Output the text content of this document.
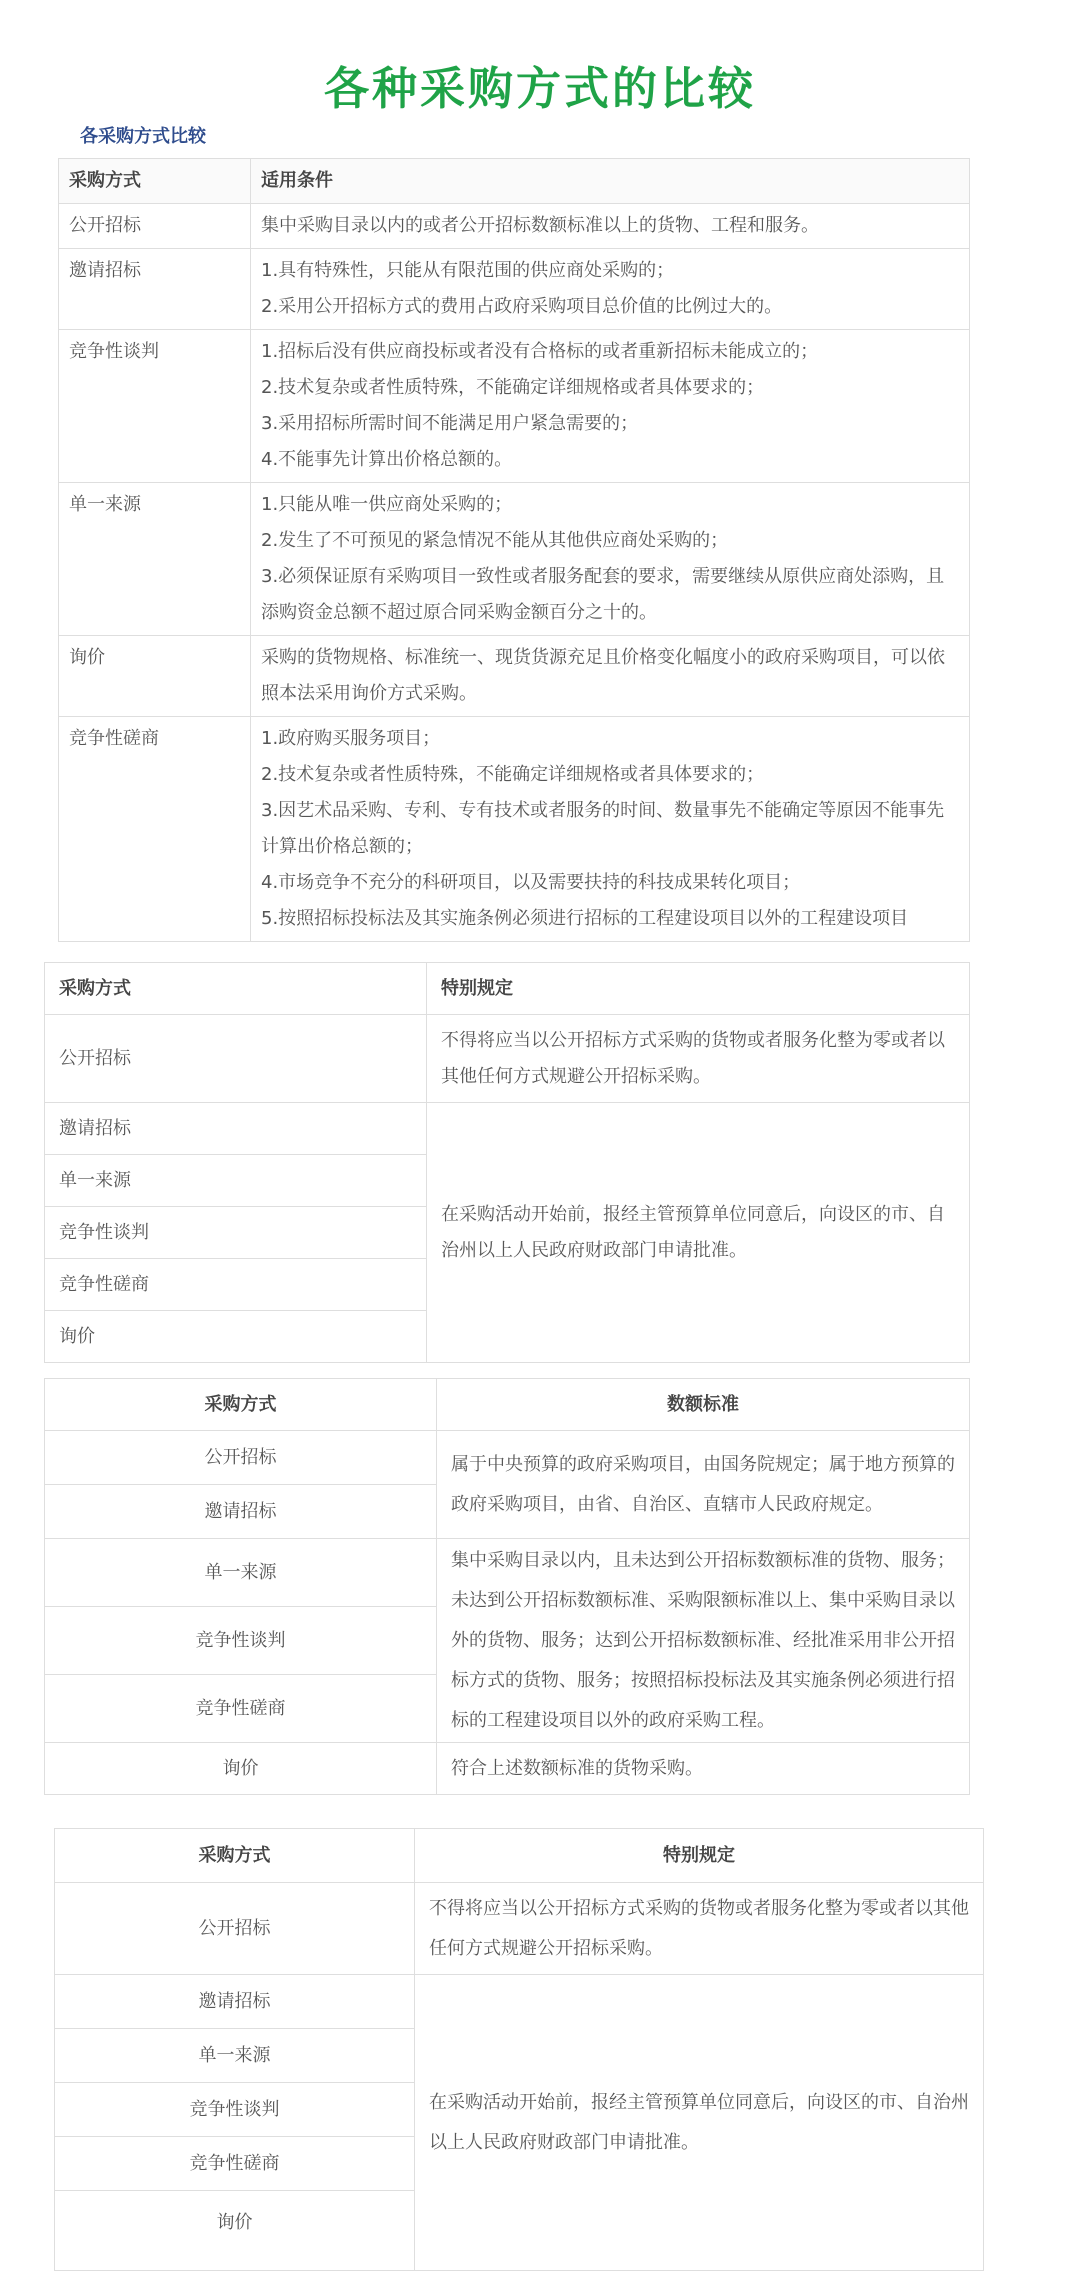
各种采购方式的比较
各采购方式比较
采购方式	适用条件
公开招标	集中采购目录以内的或者公开招标数额标准以上的货物、工程和服务。

邀请招标	1.具有特殊性，只能从有限范围的供应商处采购的；
2.采用公开招标方式的费用占政府采购项目总价值的比例过大的。

竞争性谈判	1.招标后没有供应商投标或者没有合格标的或者重新招标未能成立的；
2.技术复杂或者性质特殊，不能确定详细规格或者具体要求的；
3.采用招标所需时间不能满足用户紧急需要的；
4.不能事先计算出价格总额的。

单一来源	1.只能从唯一供应商处采购的；
2.发生了不可预见的紧急情况不能从其他供应商处采购的；
3.必须保证原有采购项目一致性或者服务配套的要求，需要继续从原供应商处添购，且添购资金总额不超过原合同采购金额百分之十的。

询价	采购的货物规格、标准统一、现货货源充足且价格变化幅度小的政府采购项目，可以依照本法采用询价方式采购。

竞争性磋商	1.政府购买服务项目；
2.技术复杂或者性质特殊，不能确定详细规格或者具体要求的；
3.因艺术品采购、专利、专有技术或者服务的时间、数量事先不能确定等原因不能事先计算出价格总额的；
4.市场竞争不充分的科研项目，以及需要扶持的科技成果转化项目；
5.按照招标投标法及其实施条例必须进行招标的工程建设项目以外的工程建设项目
采购方式	特别规定
公开招标	不得将应当以公开招标方式采购的货物或者服务化整为零或者以其他任何方式规避公开招标采购。
邀请招标	在采购活动开始前，报经主管预算单位同意后，向设区的市、自治州以上人民政府财政部门申请批准。
单一来源	
竞争性谈判	
竞争性磋商	
询价	
采购方式	数额标准
公开招标	属于中央预算的政府采购项目，由国务院规定；属于地方预算的政府采购项目，由省、自治区、直辖市人民政府规定。
邀请招标	
单一来源	集中采购目录以内，且未达到公开招标数额标准的货物、服务；未达到公开招标数额标准、采购限额标准以上、集中采购目录以外的货物、服务；达到公开招标数额标准、经批准采用非公开招标方式的货物、服务；按照招标投标法及其实施条例必须进行招标的工程建设项目以外的政府采购工程。
竞争性谈判	
竞争性磋商	
询价	符合上述数额标准的货物采购。
采购方式	特别规定
公开招标	不得将应当以公开招标方式采购的货物或者服务化整为零或者以其他任何方式规避公开招标采购。
邀请招标	在采购活动开始前，报经主管预算单位同意后，向设区的市、自治州以上人民政府财政部门申请批准。
单一来源	
竞争性谈判	
竞争性磋商	
询价	
